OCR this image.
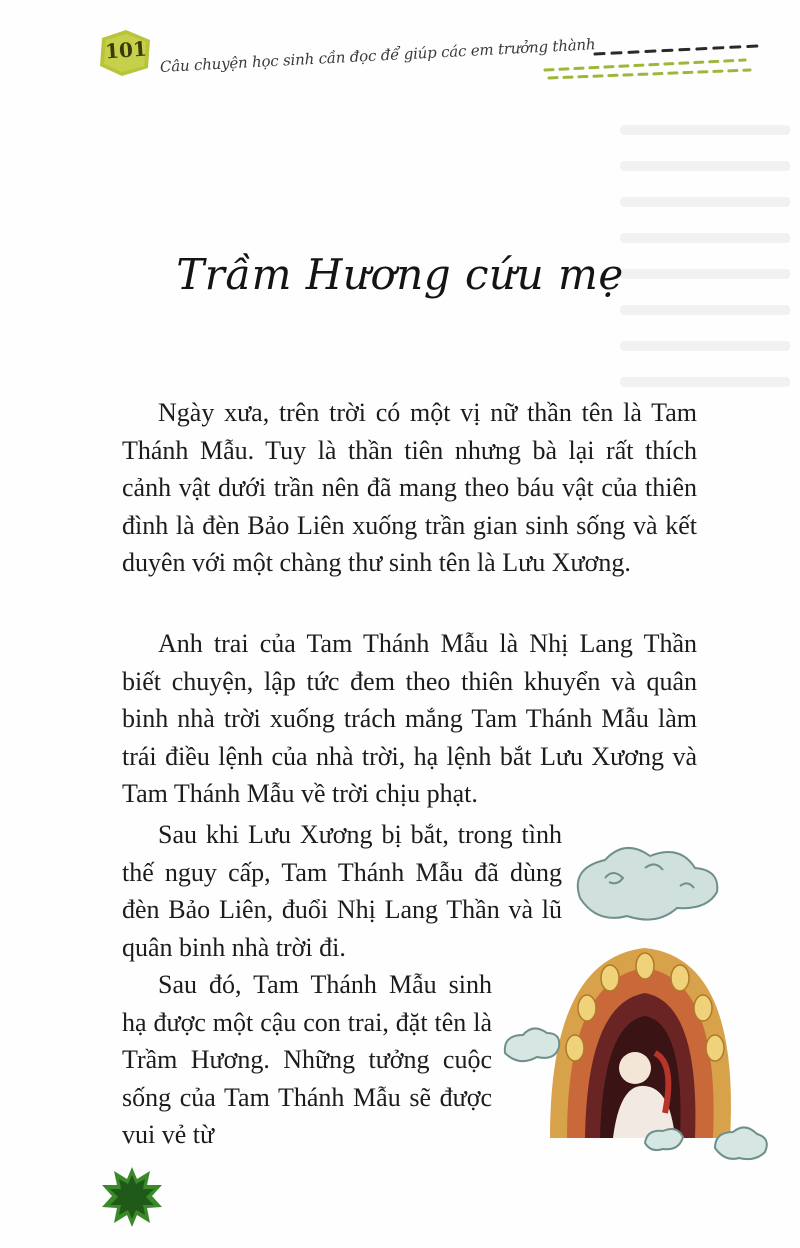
101 Câu chuyện học sinh cần đọc để giúp các em trưởng thành
Trầm Hương cứu mẹ

Ngày xưa, trên trời có một vị nữ thần tên là Tam Thánh Mẫu. Tuy là thần tiên nhưng bà lại rất thích cảnh vật dưới trần nên đã mang theo báu vật của thiên đình là đèn Bảo Liên xuống trần gian sinh sống và kết duyên với một chàng thư sinh tên là Lưu Xương.

Anh trai của Tam Thánh Mẫu là Nhị Lang Thần biết chuyện, lập tức đem theo thiên khuyển và quân binh nhà trời xuống trách mắng Tam Thánh Mẫu làm trái điều lệnh của nhà trời, hạ lệnh bắt Lưu Xương và Tam Thánh Mẫu về trời chịu phạt.

Sau khi Lưu Xương bị bắt, trong tình thế nguy cấp, Tam Thánh Mẫu đã dùng đèn Bảo Liên, đuổi Nhị Lang Thần và lũ quân binh nhà trời đi.

Sau đó, Tam Thánh Mẫu sinh hạ được một cậu con trai, đặt tên là Trầm Hương. Những tưởng cuộc sống của Tam Thánh Mẫu sẽ được vui vẻ từ
